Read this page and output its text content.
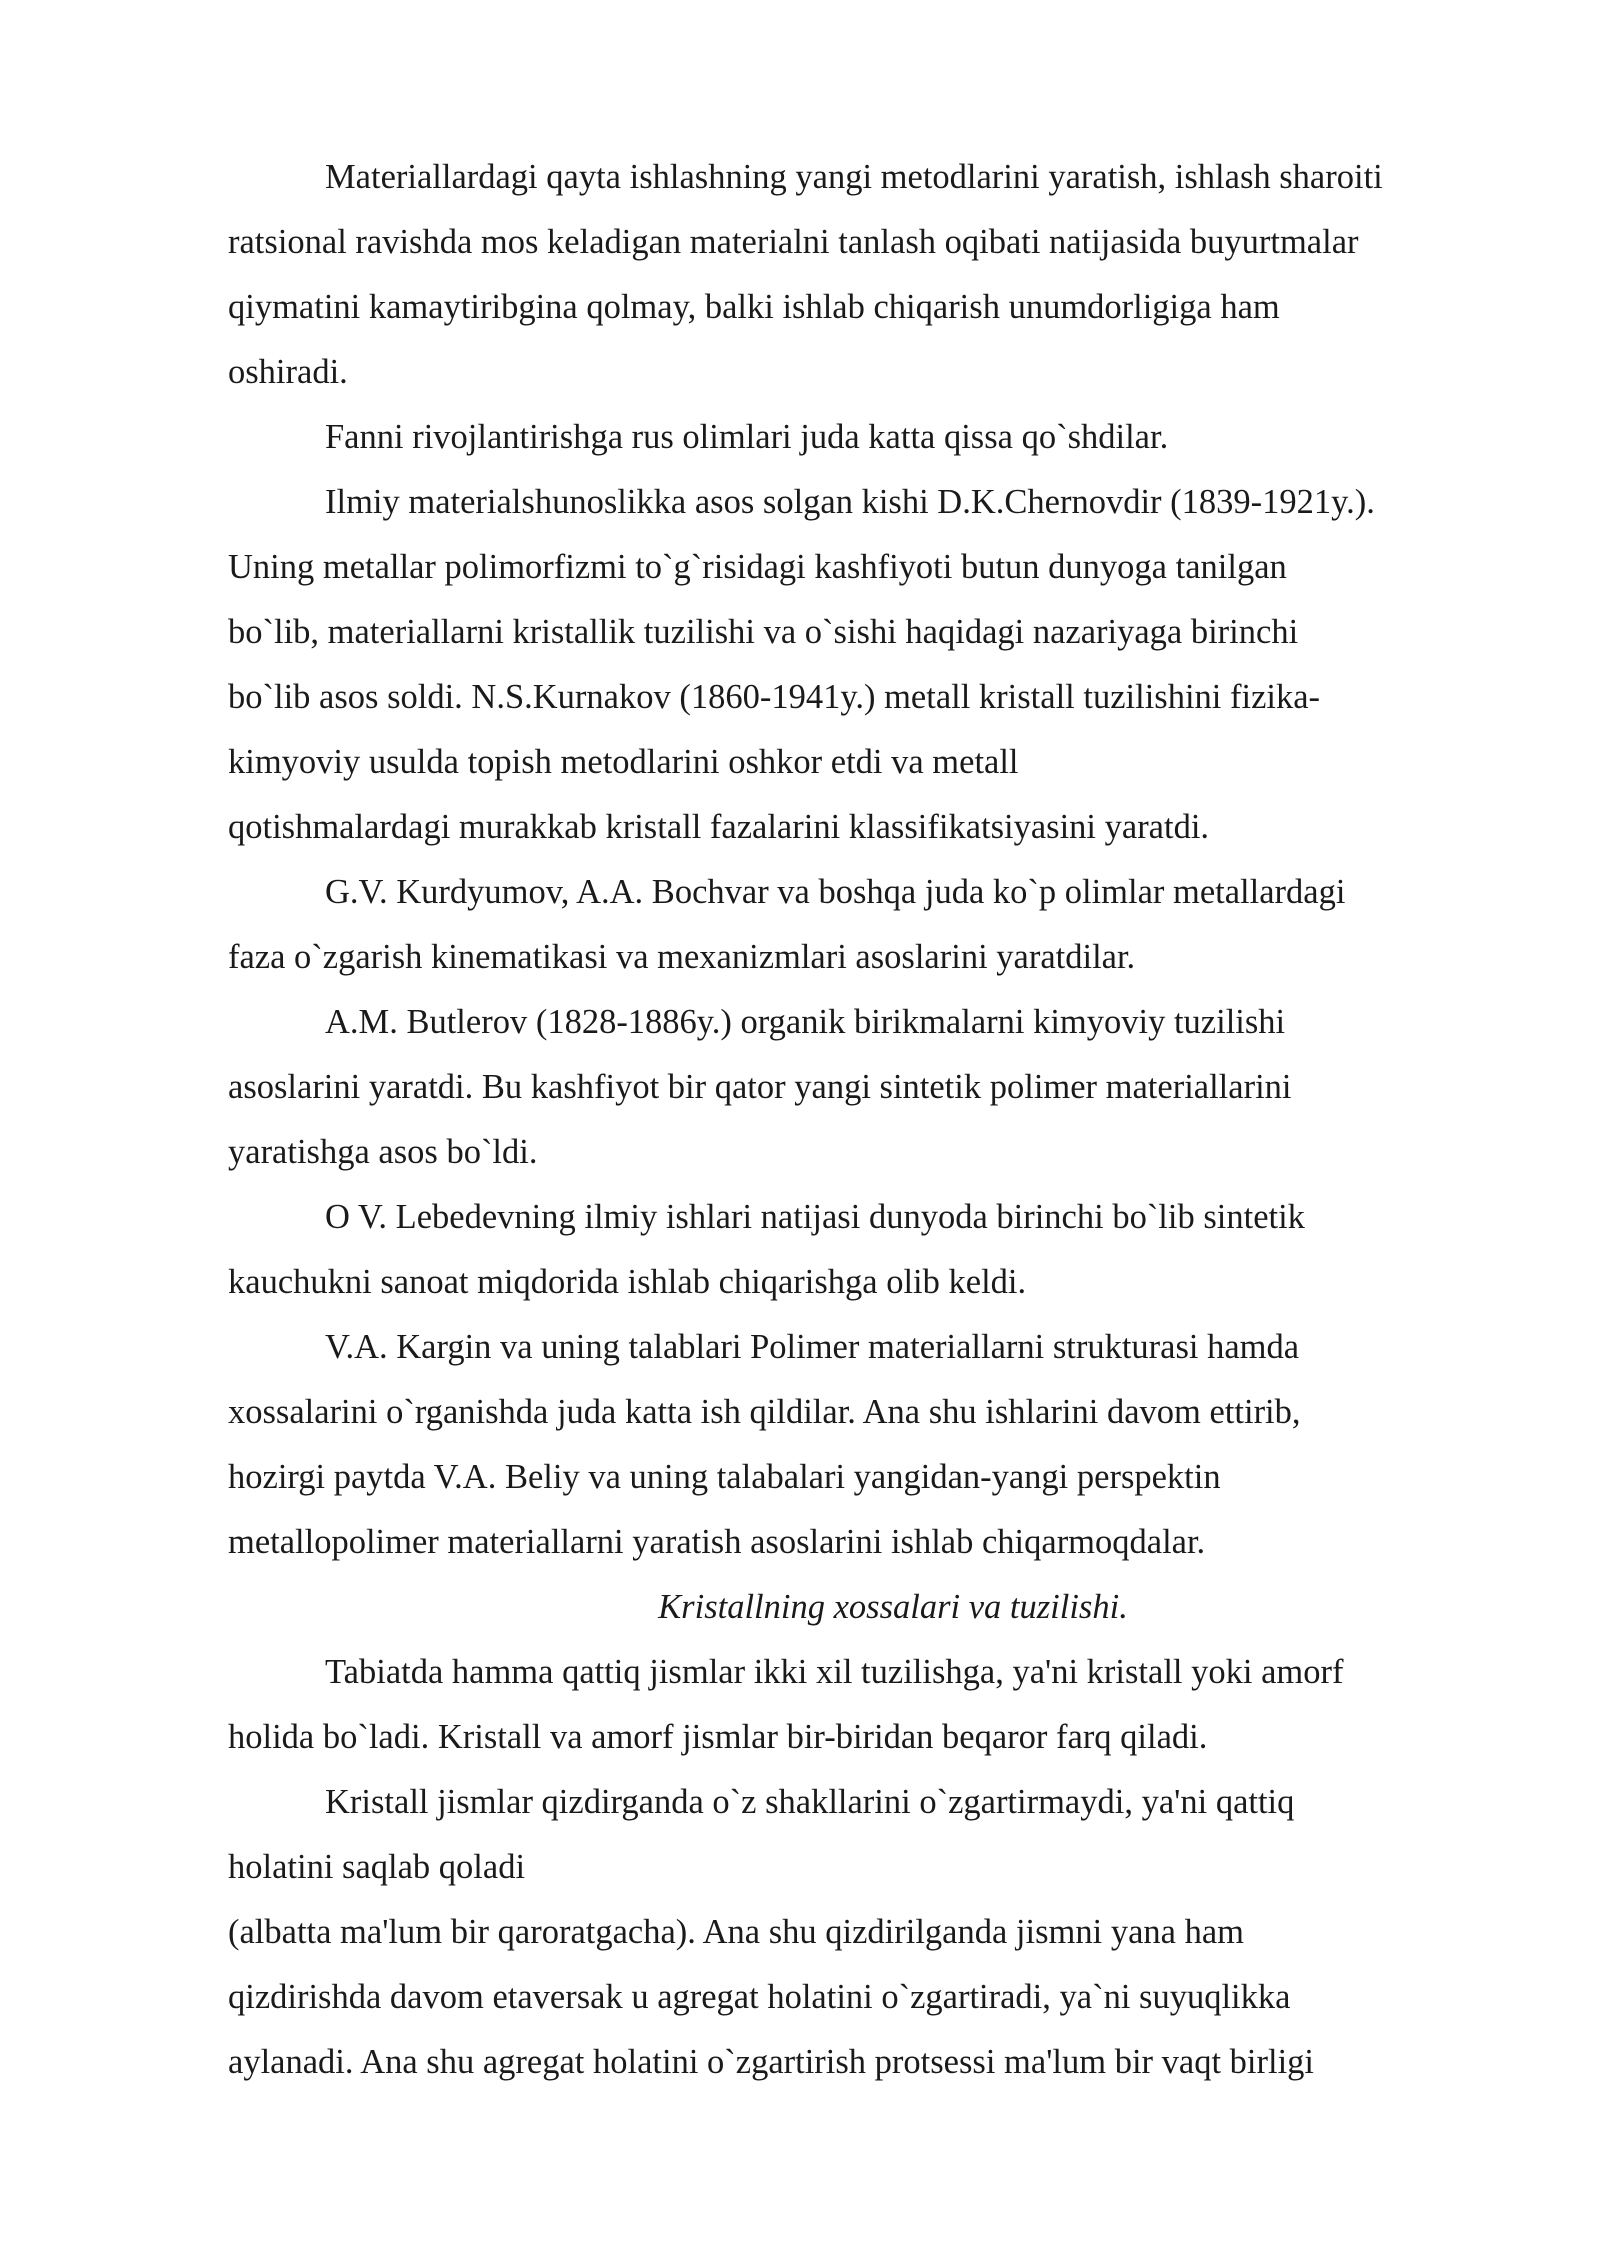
Materiallardagi qayta ishlashning yangi metodlarini yaratish, ishlash sharoiti
ratsional ravishda mos keladigan materialni tanlash oqibati natijasida buyurtmalar
qiymatini kamaytiribgina qolmay, balki ishlab chiqarish unumdorligiga ham
oshiradi.
Fanni rivojlantirishga rus olimlari juda katta qissa qo`shdilar.
Ilmiy materialshunoslikka asos solgan kishi D.K.Chernovdir (1839-1921y.).
Uning metallar polimorfizmi to`g`risidagi kashfiyoti butun dunyoga tanilgan
bo`lib, materiallarni kristallik tuzilishi va o`sishi haqidagi nazariyaga birinchi
bo`lib asos soldi. N.S.Kurnakov (1860-1941y.) metall kristall tuzilishini fizika-
kimyoviy usulda topish metodlarini oshkor etdi va metall
qotishmalardagi murakkab kristall fazalarini klassifikatsiyasini yaratdi.
G.V. Kurdyumov, A.A. Bochvar va boshqa juda ko`p olimlar metallardagi
faza o`zgarish kinematikasi va mexanizmlari asoslarini yaratdilar.
A.M. Butlerov (1828-1886y.) organik birikmalarni kimyoviy tuzilishi
asoslarini yaratdi. Bu kashfiyot bir qator yangi sintetik polimer materiallarini
yaratishga asos bo`ldi.
O V. Lebedevning ilmiy ishlari natijasi dunyoda birinchi bo`lib sintetik
kauchukni sanoat miqdorida ishlab chiqarishga olib keldi.
V.A. Kargin va uning talablari Polimer materiallarni strukturasi hamda
xossalarini o`rganishda juda katta ish qildilar. Ana shu ishlarini davom ettirib,
hozirgi paytda V.A. Beliy va uning talabalari yangidan-yangi perspektin
metallopolimer materiallarni yaratish asoslarini ishlab chiqarmoqdalar.
Kristallning xossalari va tuzilishi.
Tabiatda hamma qattiq jismlar ikki xil tuzilishga, ya'ni kristall yoki amorf
holida bo`ladi. Kristall va amorf jismlar bir-biridan beqaror farq qiladi.
Kristall jismlar qizdirganda o`z shakllarini o`zgartirmaydi, ya'ni qattiq
holatini saqlab qoladi
(albatta ma'lum bir qaroratgacha). Ana shu qizdirilganda jismni yana ham
qizdirishda davom etaversak u agregat holatini o`zgartiradi, ya`ni suyuqlikka
aylanadi. Ana shu agregat holatini o`zgartirish protsessi ma'lum bir vaqt birligi
